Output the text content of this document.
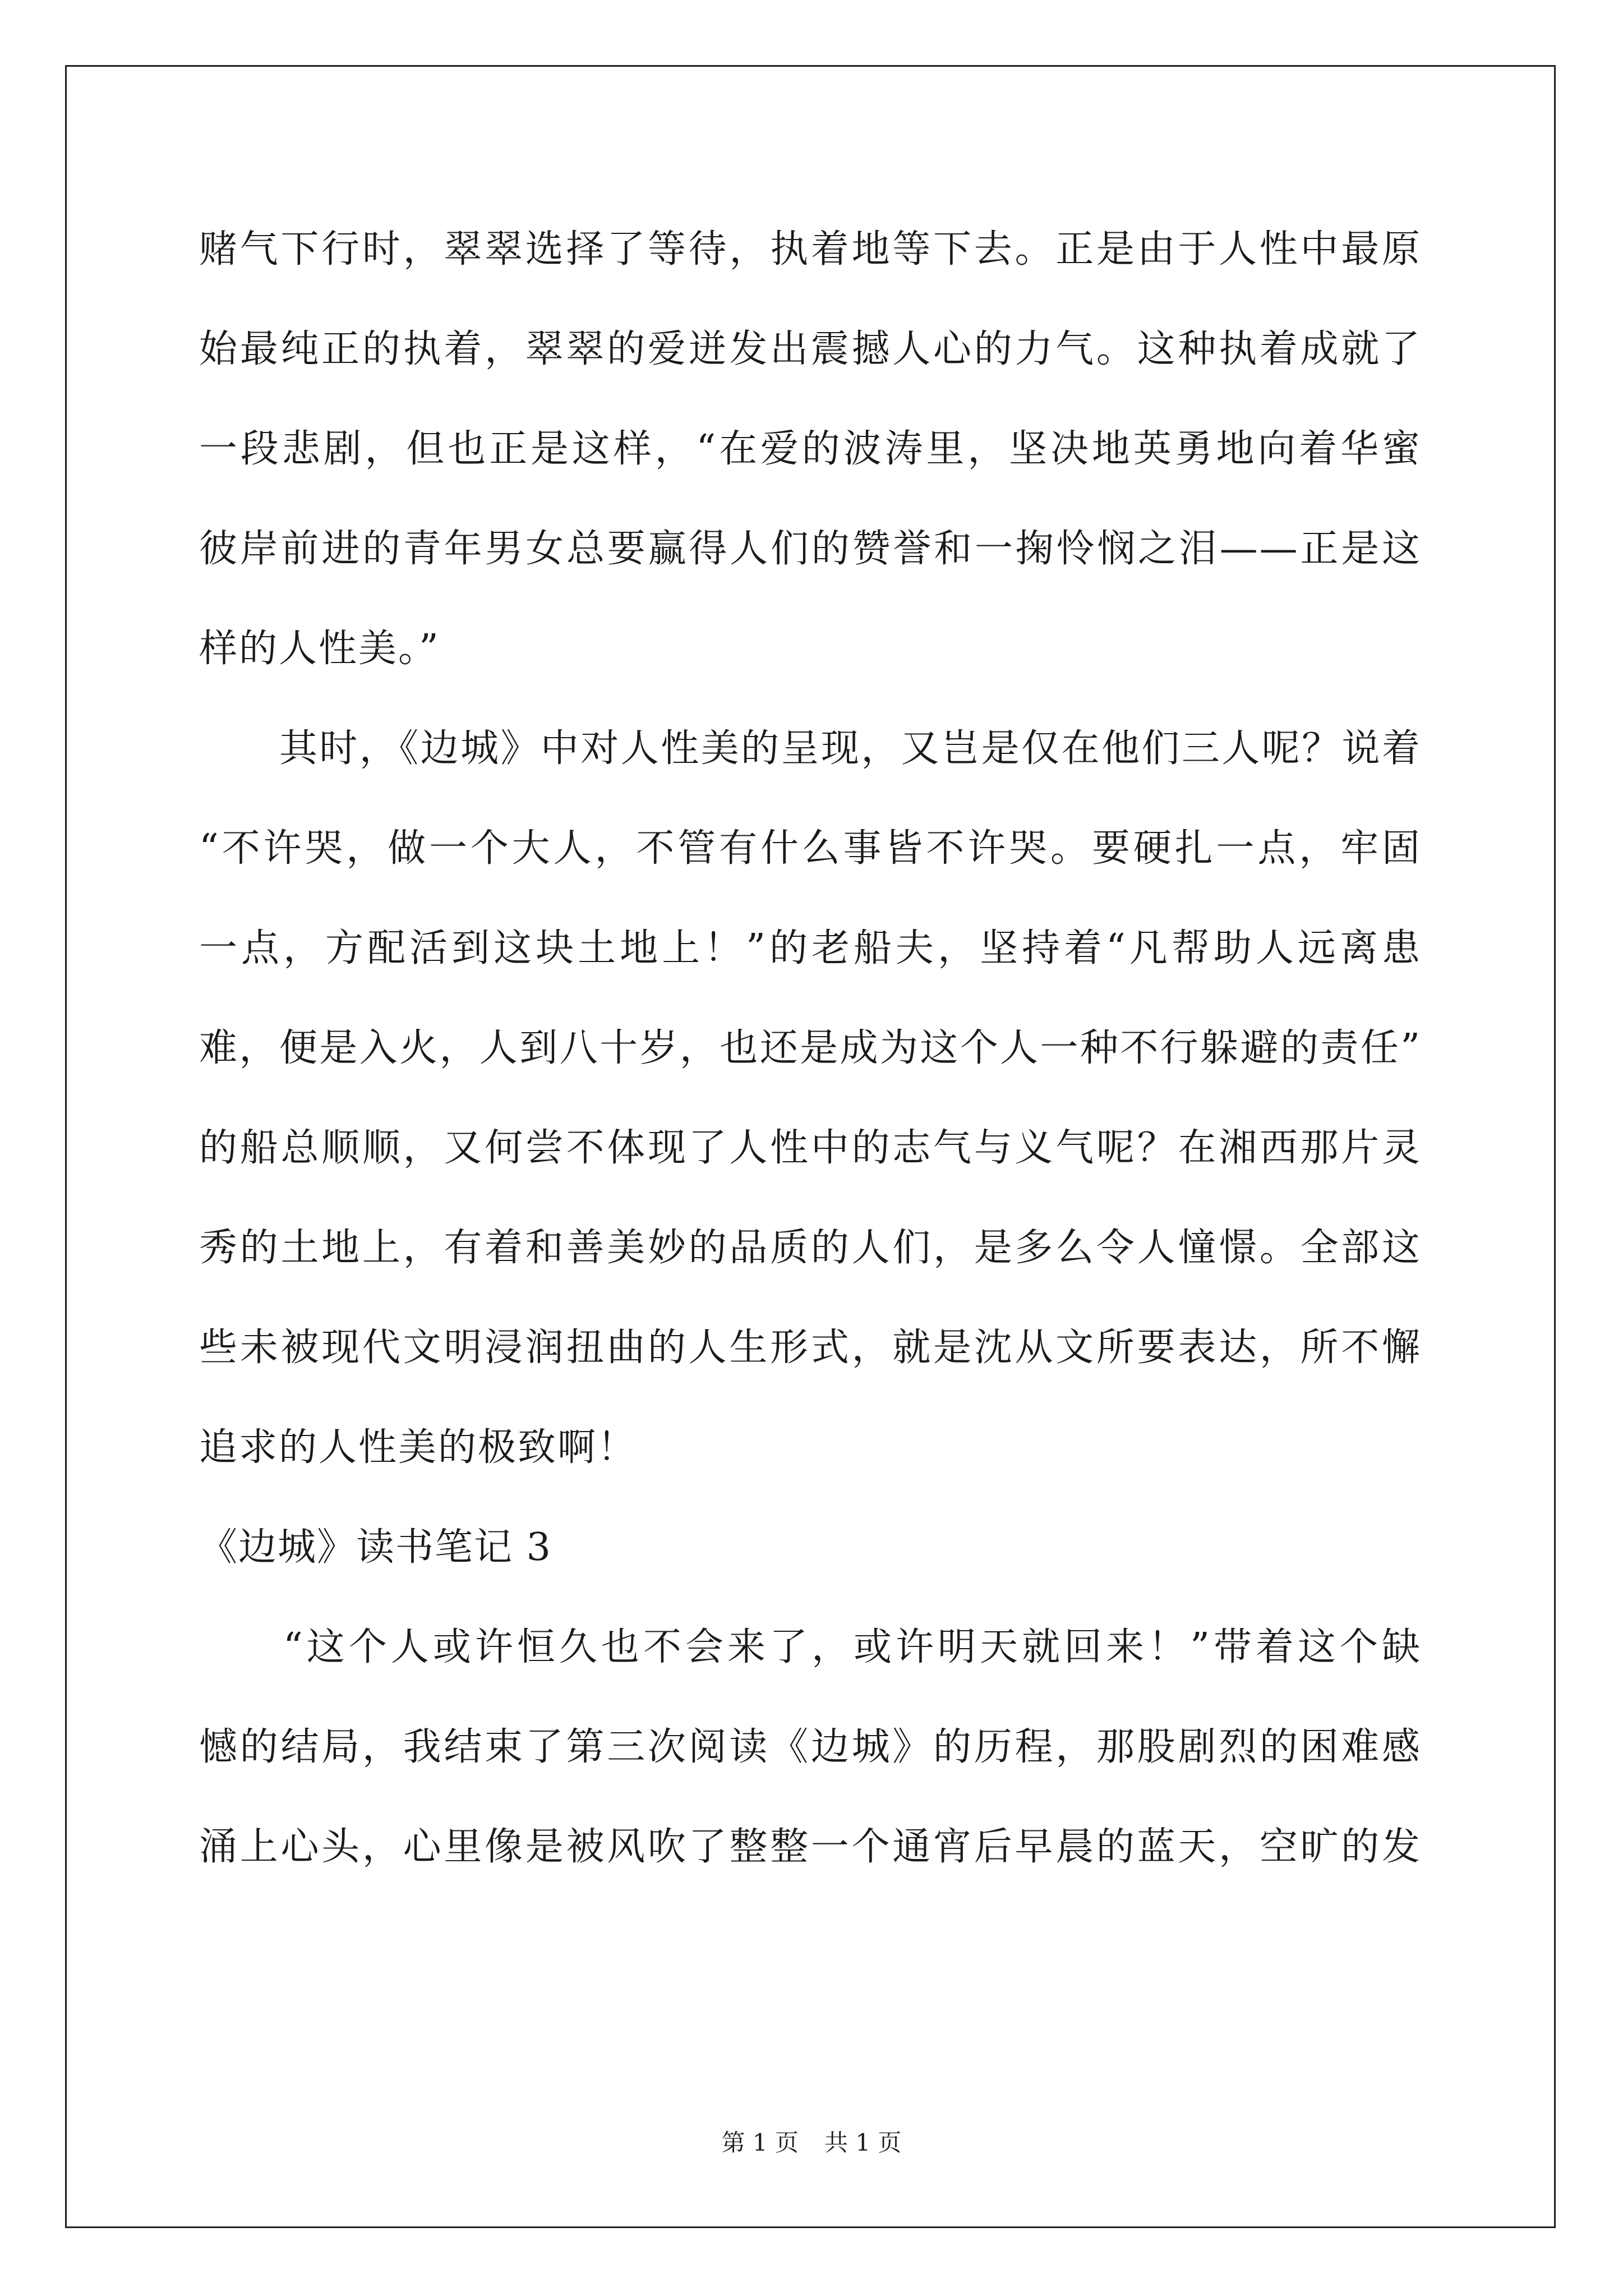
赌气下行时，翠翠选择了等待，执着地等下去。正是由于人性中最原
始最纯正的执着，翠翠的爱迸发出震撼人心的力气。这种执着成就了
一段悲剧，但也正是这样，“在爱的波涛里，坚决地英勇地向着华蜜
彼岸前进的青年男女总要赢得人们的赞誉和一掬怜悯之泪——正是这
样的人性美。”
　　其时，《边城》中对人性美的呈现，又岂是仅在他们三人呢？说着
“不许哭，做一个大人，不管有什么事皆不许哭。要硬扎一点，牢固
一点，方配活到这块土地上！”的老船夫，坚持着“凡帮助人远离患
难，便是入火，人到八十岁，也还是成为这个人一种不行躲避的责任”
的船总顺顺，又何尝不体现了人性中的志气与义气呢？在湘西那片灵
秀的土地上，有着和善美妙的品质的人们，是多么令人憧憬。全部这
些未被现代文明浸润扭曲的人生形式，就是沈从文所要表达，所不懈
追求的人性美的极致啊！
《边城》读书笔记 3
　　“这个人或许恒久也不会来了，或许明天就回来！”带着这个缺
憾的结局，我结束了第三次阅读《边城》的历程，那股剧烈的困难感
涌上心头，心里像是被风吹了整整一个通宵后早晨的蓝天，空旷的发
第 1 页 共 1 页
